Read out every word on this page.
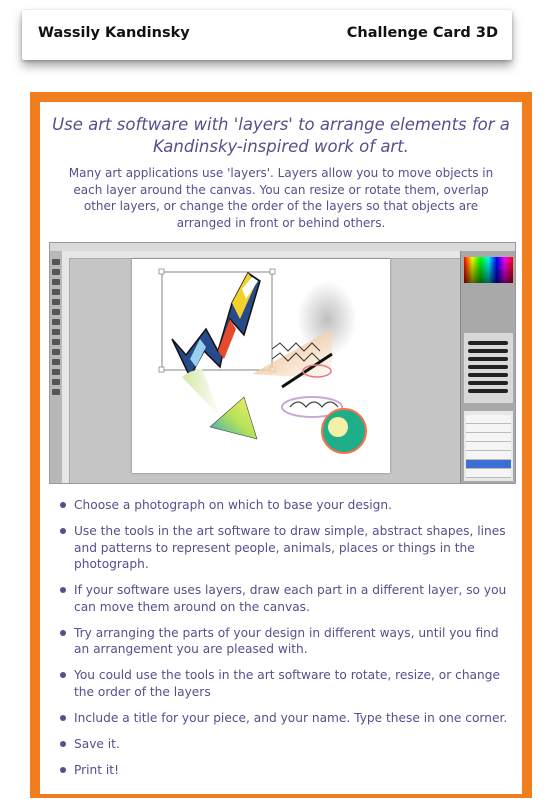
Wassily Kandinsky	Challenge Card 3D
Use art software with 'layers' to arrange elements for a Kandinsky-inspired work of art.
Many art applications use 'layers'. Layers allow you to move objects in each layer around the canvas. You can resize or rotate them, overlap other layers, or change the order of the layers so that objects are arranged in front or behind others.
Choose a photograph on which to base your design.
Use the tools in the art software to draw simple, abstract shapes, lines and patterns to represent people, animals, places or things in the photograph.
If your software uses layers, draw each part in a different layer, so you can move them around on the canvas.
Try arranging the parts of your design in different ways, until you find an arrangement you are pleased with.
You could use the tools in the art software to rotate, resize, or change the order of the layers
Include a title for your piece, and your name. Type these in one corner.
Save it.
Print it!
